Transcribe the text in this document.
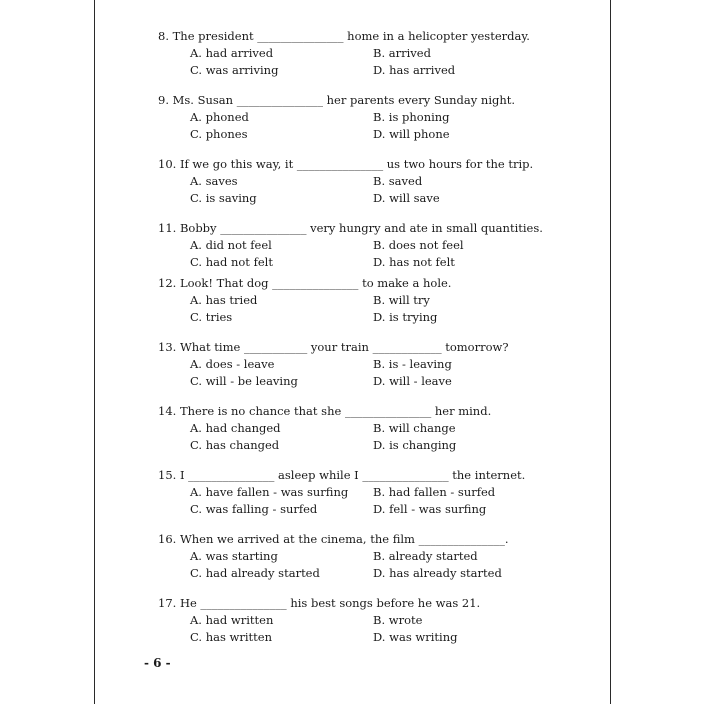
8. The president _______________ home in a helicopter yesterday.
A. had arrived	B. arrived
C. was arriving	D. has arrived
9. Ms. Susan _______________ her parents every Sunday night.
A. phoned	B. is phoning
C. phones	D. will phone
10. If we go this way, it _______________ us two hours for the trip.
A. saves	B. saved
C. is saving	D. will save
11. Bobby _______________ very hungry and ate in small quantities.
A. did not feel	B. does not feel
C. had not felt	D. has not felt
12. Look! That dog _______________ to make a hole.
A. has tried	B. will try
C. tries	D. is trying
13. What time ___________ your train ____________ tomorrow?
A. does - leave	B. is - leaving
C. will - be leaving	D. will - leave
14. There is no chance that she _______________ her mind.
A. had changed	B. will change
C. has changed	D. is changing
15. I _______________ asleep while I _______________ the internet.
A. have fallen - was surfing B. had fallen - surfed
C. was falling - surfed	D. fell - was surfing
16. When we arrived at the cinema, the film _______________.
A. was starting	B. already started
C. had already started	D. has already started
17. He _______________ his best songs before he was 21.
A. had written	B. wrote
C. has written	D. was writing
- 6 -
